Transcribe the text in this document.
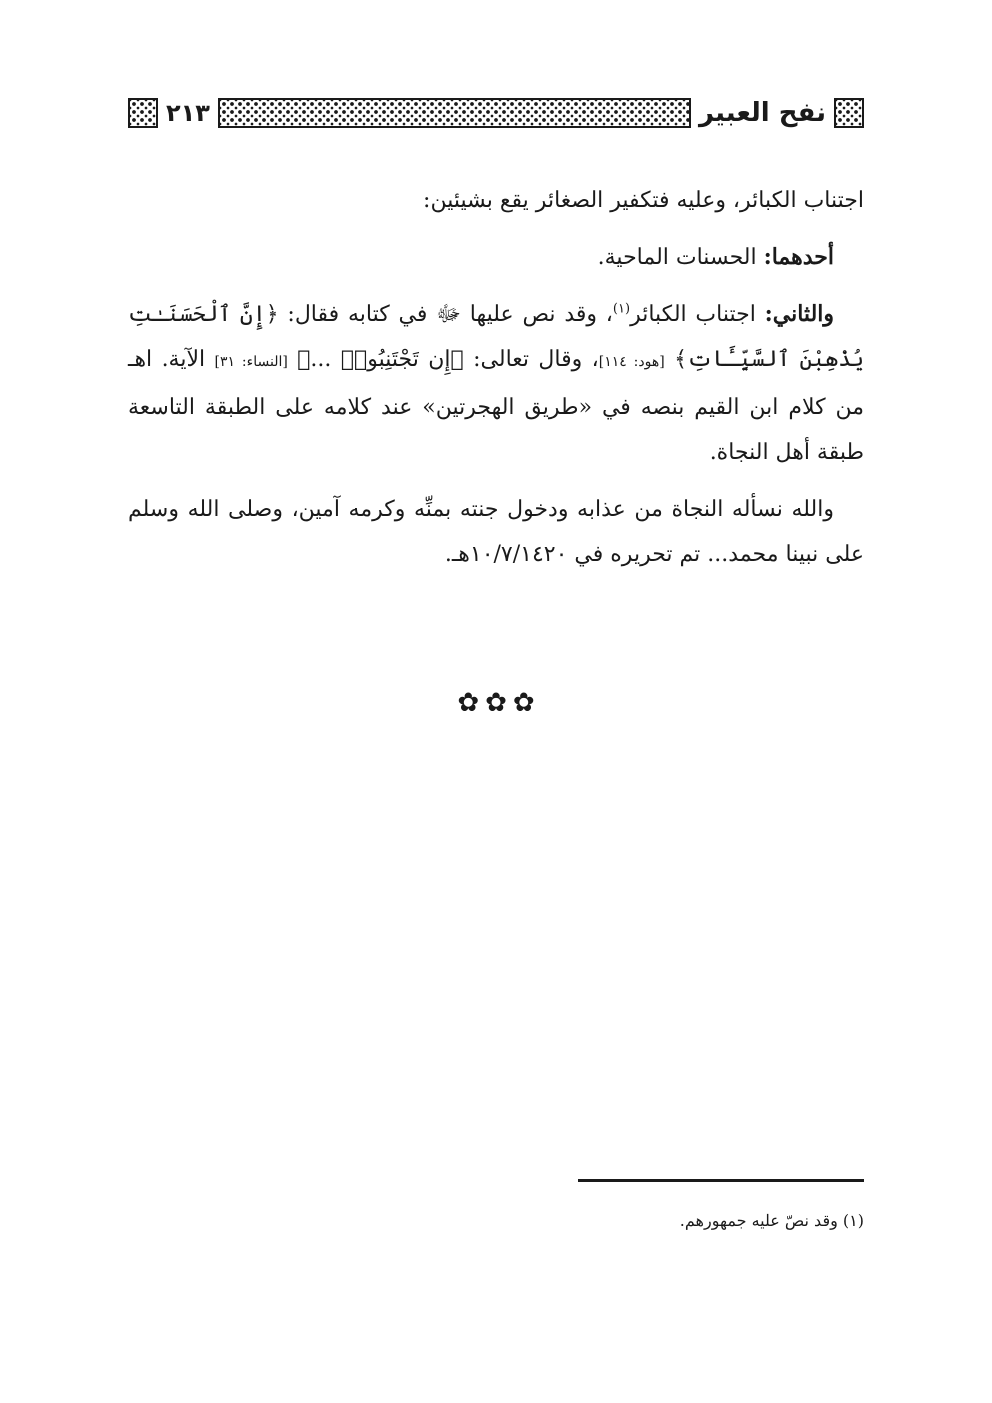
نفح العبير
٢١٣

اجتناب الكبائر، وعليه فتكفير الصغائر يقع بشيئين:

أحدهما: الحسنات الماحية.

والثاني: اجتناب الكبائر$^{(١)}$، وقد نص عليها ﷻ في كتابه فقال: ﴿إِنَّ ٱلْحَسَنَـٰتِ يُذْهِبْنَ ٱلسَّيِّـَٔاتِ﴾ [هود: ١١٤]، وقال تعالى: ﴿إِن تَجْتَنِبُوا۟ ...﴾ [النساء: ٣١] الآية. اهـ من كلام ابن القيم بنصه في «طريق الهجرتين» عند كلامه على الطبقة التاسعة طبقة أهل النجاة.

والله نسأله النجاة من عذابه ودخول جنته بمنِّه وكرمه آمين، وصلى الله وسلم على نبينا محمد... تم تحريره في ١٠/٧/١٤٢٠هـ.

✿
✿
✿
(١) وقد نصّ عليه جمهورهم.
